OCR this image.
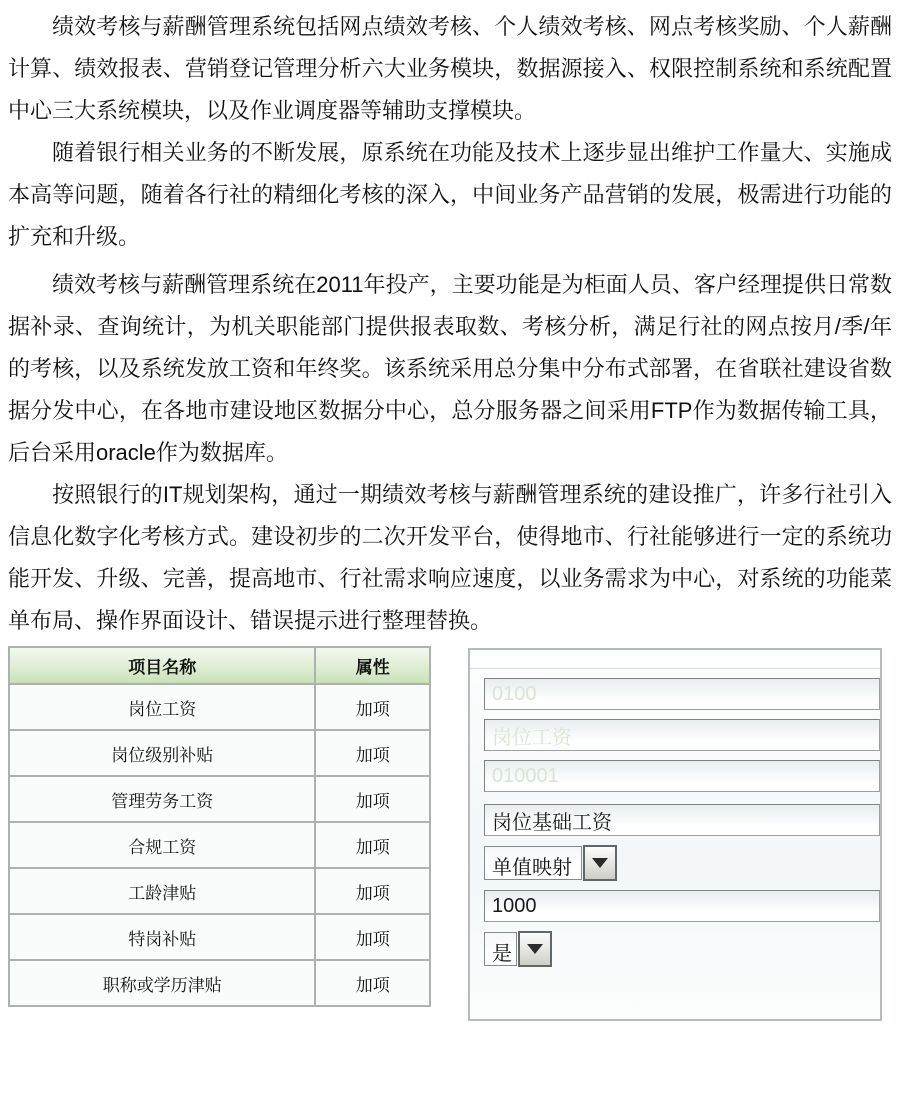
绩效考核与薪酬管理系统包括网点绩效考核、个人绩效考核、网点考核奖励、个人薪酬计算、绩效报表、营销登记管理分析六大业务模块，数据源接入、权限控制系统和系统配置中心三大系统模块，以及作业调度器等辅助支撑模块。

随着银行相关业务的不断发展，原系统在功能及技术上逐步显出维护工作量大、实施成本高等问题，随着各行社的精细化考核的深入，中间业务产品营销的发展，极需进行功能的扩充和升级。

绩效考核与薪酬管理系统在2011年投产，主要功能是为柜面人员、客户经理提供日常数据补录、查询统计，为机关职能部门提供报表取数、考核分析，满足行社的网点按月/季/年的考核，以及系统发放工资和年终奖。该系统采用总分集中分布式部署，在省联社建设省数据分发中心，在各地市建设地区数据分中心，总分服务器之间采用FTP作为数据传输工具，后台采用oracle作为数据库。

按照银行的IT规划架构，通过一期绩效考核与薪酬管理系统的建设推广，许多行社引入信息化数字化考核方式。建设初步的二次开发平台，使得地市、行社能够进行一定的系统功能开发、升级、完善，提高地市、行社需求响应速度，以业务需求为中心，对系统的功能菜单布局、操作界面设计、错误提示进行整理替换。

项目名称	属性
岗位工资	加项
岗位级别补贴	加项
管理劳务工资	加项
合规工资	加项
工龄津贴	加项
特岗补贴	加项
职称或学历津贴	加项
0100
岗位工资
010001
岗位基础工资
单值映射
1000
是
